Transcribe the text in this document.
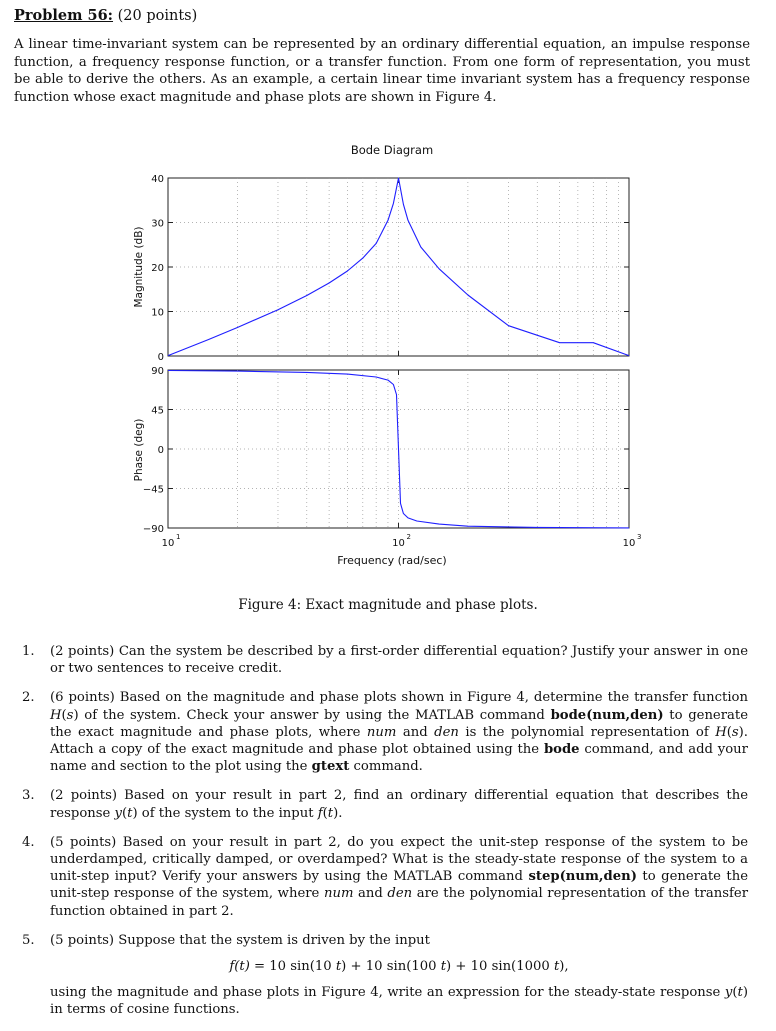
Problem 56: (20 points)
A linear time-invariant system can be represented by an ordinary differential equation, an impulse response function, a frequency response function, or a transfer function. From one form of representation, you must be able to derive the others. As an example, a certain linear time invariant system has a frequency response function whose exact magnitude and phase plots are shown in Figure 4.
Bode Diagram
0
10
20
30
40
Magnitude (dB)
−90
−45
0
45
90
Phase (deg)
10
1
10
2
10
3
Frequency (rad/sec)
Figure 4: Exact magnitude and phase plots.
1. (2 points) Can the system be described by a first-order differential equation? Justify your answer in one or two sentences to receive credit.
2. (6 points) Based on the magnitude and phase plots shown in Figure 4, determine the transfer function H(s) of the system. Check your answer by using the MATLAB command bode(num,den) to generate the exact magnitude and phase plots, where num and den is the polynomial representation of H(s). Attach a copy of the exact magnitude and phase plot obtained using the bode command, and add your name and section to the plot using the gtext command.
3. (2 points) Based on your result in part 2, find an ordinary differential equation that describes the response y(t) of the system to the input f(t).
4. (5 points) Based on your result in part 2, do you expect the unit-step response of the system to be underdamped, critically damped, or overdamped? What is the steady-state response of the system to a unit-step input? Verify your answers by using the MATLAB command step(num,den) to generate the unit-step response of the system, where num and den are the polynomial representation of the transfer function obtained in part 2.
5. (5 points) Suppose that the system is driven by the input
f(t) = 10 sin(10 t) + 10 sin(100 t) + 10 sin(1000 t),
using the magnitude and phase plots in Figure 4, write an expression for the steady-state response y(t) in terms of cosine functions.
